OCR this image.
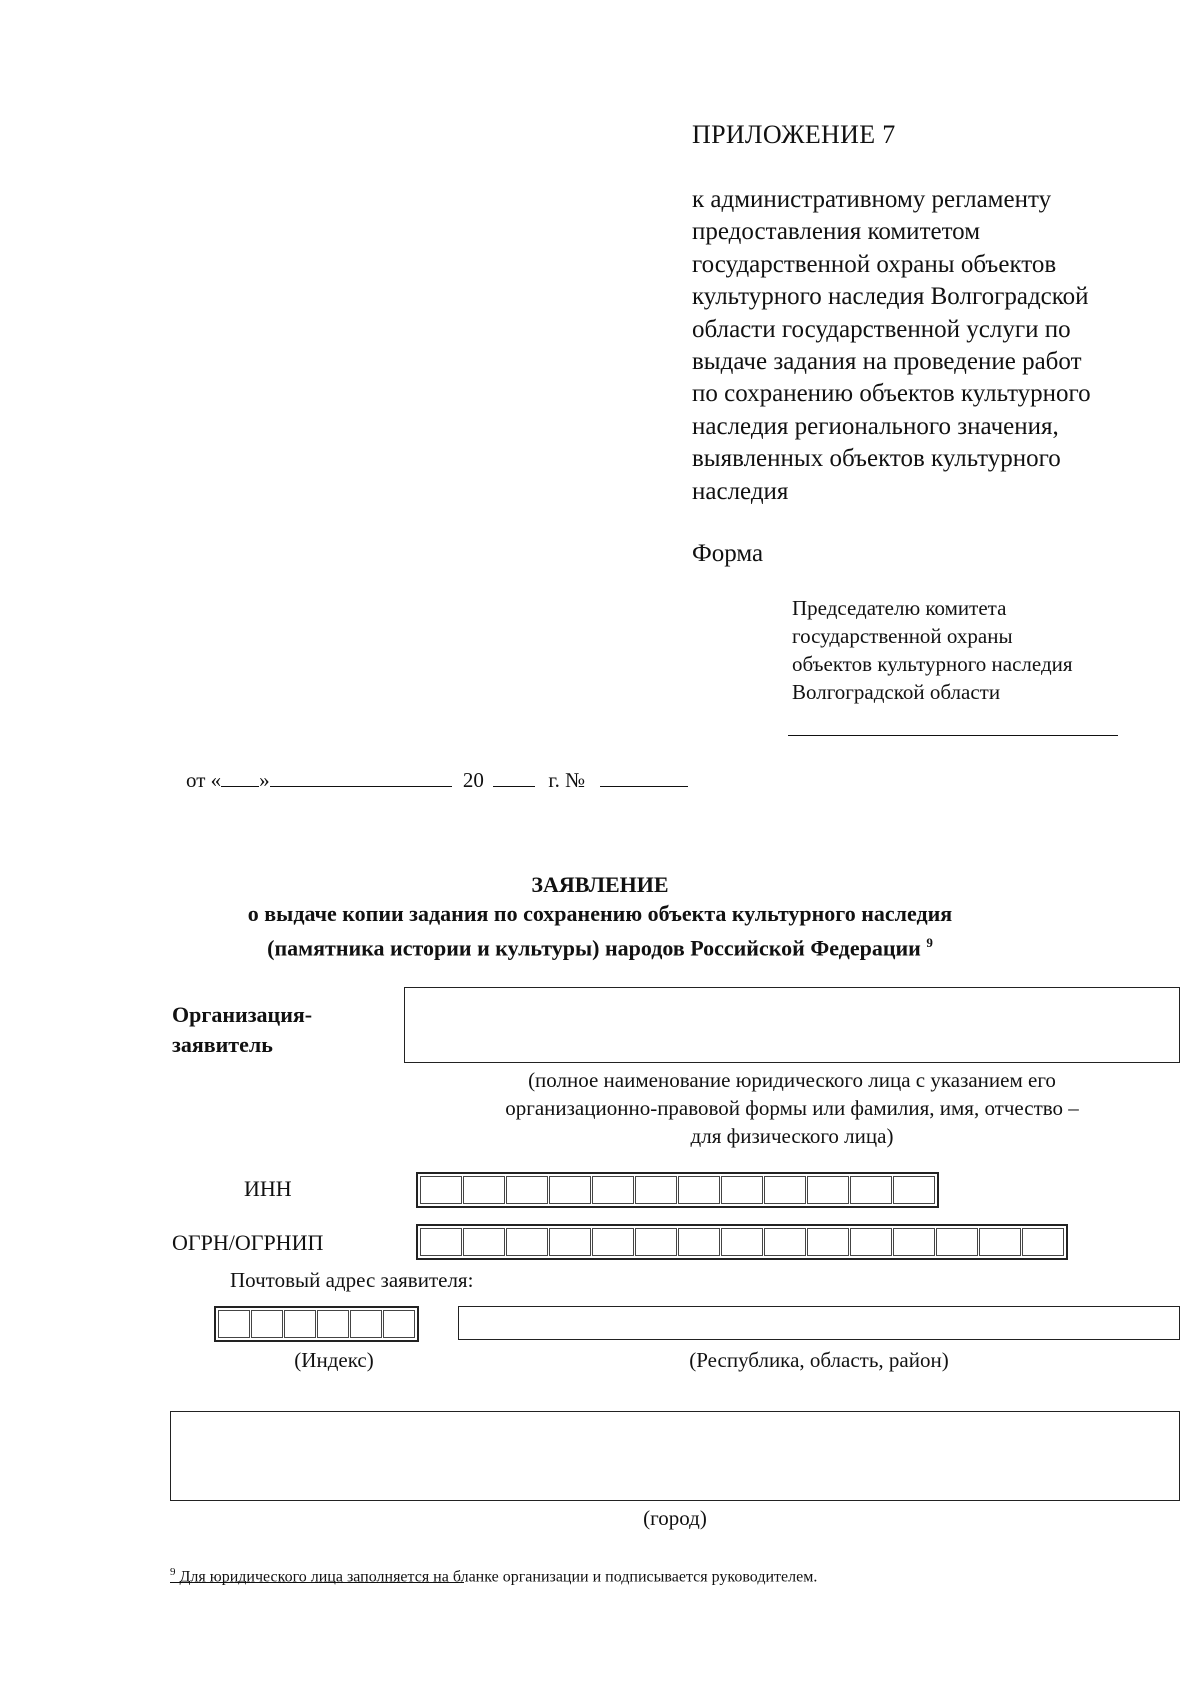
ПРИЛОЖЕНИЕ 7
к административному регламенту
предоставления комитетом
государственной охраны объектов
культурного наследия Волгоградской
области государственной услуги по
выдаче задания на проведение работ
по сохранению объектов культурного
наследия регионального значения,
выявленных объектов культурного
наследия
Форма
Председателю комитета
государственной охраны
объектов культурного наследия
Волгоградской области
от « »	20	г. №
ЗАЯВЛЕНИЕ
о выдаче копии задания по сохранению объекта культурного наследия
(памятника истории и культуры) народов Российской Федерации $^9$
Организация-
заявитель
(полное наименование юридического лица с указанием его
организационно-правовой формы или фамилия, имя, отчество –
для физического лица)
ИНН
ОГРН/ОГРНИП
Почтовый адрес заявителя:
(Индекс)	(Республика, область, район)
(город)
$^9$ Для юридического лица заполняется на бланке организации и подписывается руководителем.
